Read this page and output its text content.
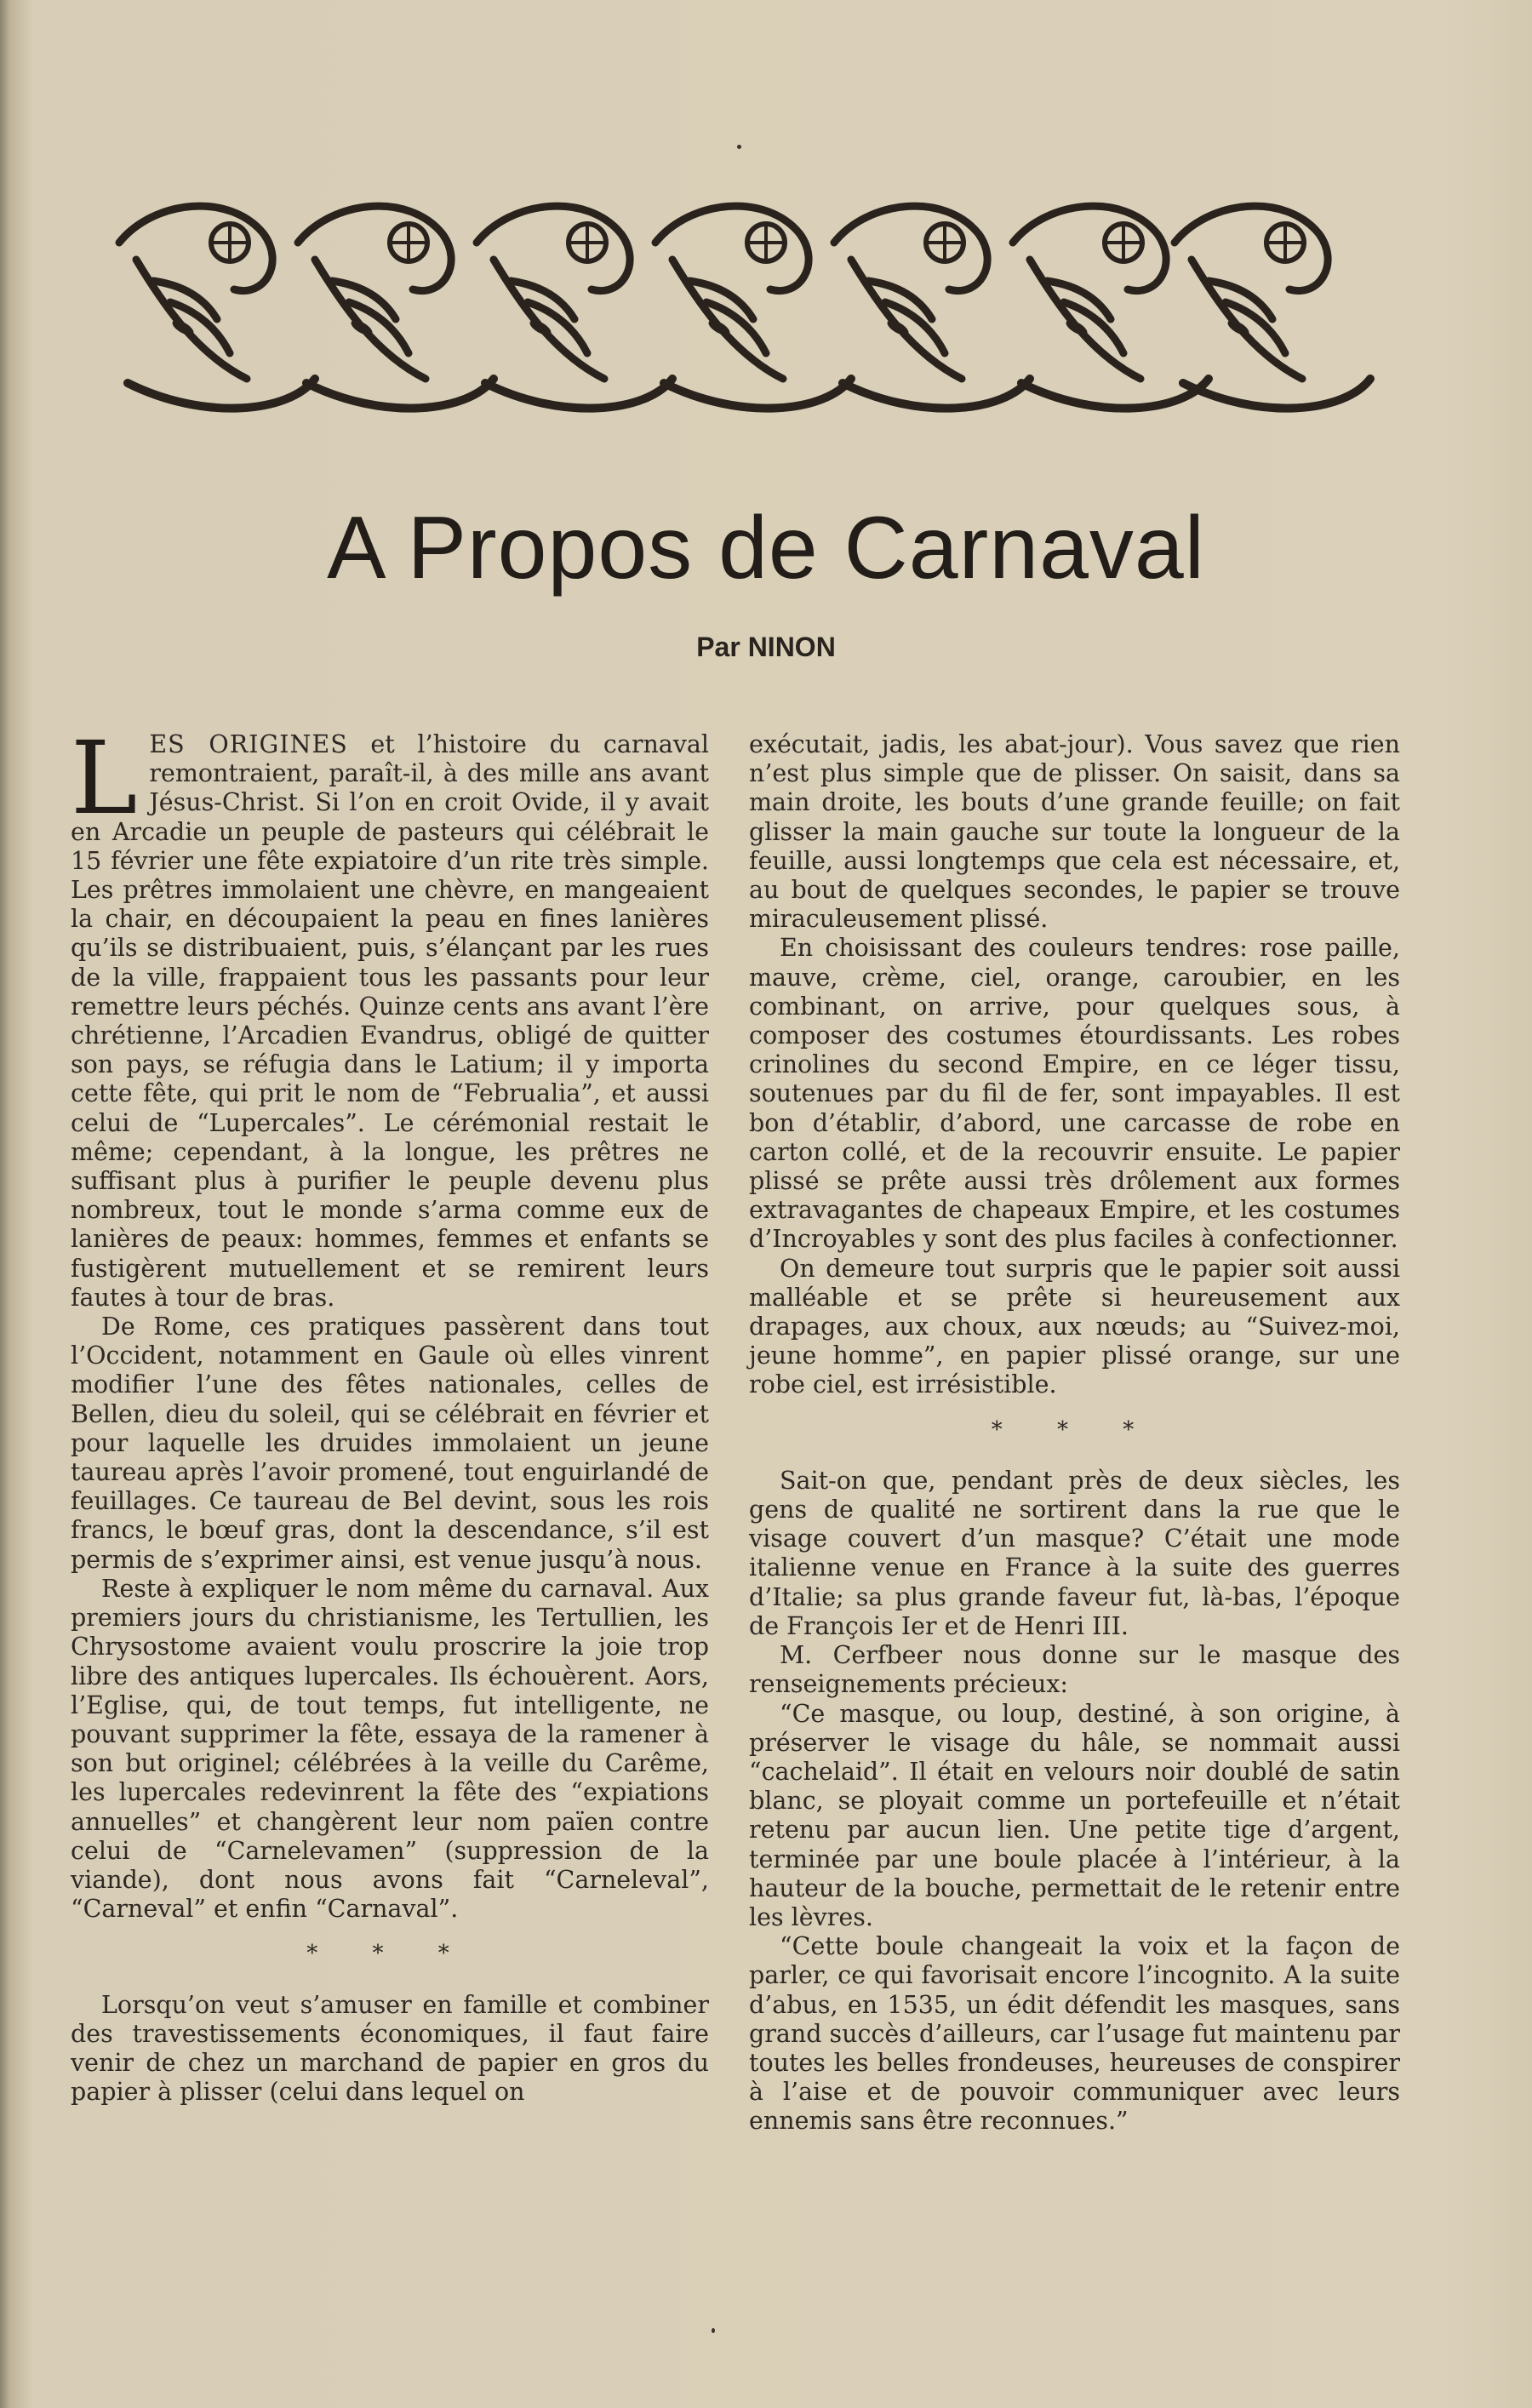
A Propos de Carnaval
Par NINON

LES ORIGINES et l’histoire du carnaval remontraient, paraît-il, à des mille ans avant Jésus-Christ. Si l’on en croit Ovide, il y avait en Arcadie un peuple de pasteurs qui célébrait le 15 février une fête expiatoire d’un rite très simple. Les prêtres immolaient une chèvre, en mangeaient la chair, en découpaient la peau en fines lanières qu’ils se distribuaient, puis, s’élançant par les rues de la ville, frappaient tous les passants pour leur remettre leurs péchés. Quinze cents ans avant l’ère chrétienne, l’Arcadien Evandrus, obligé de quitter son pays, se réfugia dans le Latium; il y importa cette fête, qui prit le nom de “Februalia”, et aussi celui de “Lupercales”. Le cérémonial restait le même; cependant, à la longue, les prêtres ne suffisant plus à purifier le peuple devenu plus nombreux, tout le monde s’arma comme eux de lanières de peaux: hommes, femmes et enfants se fustigèrent mutuellement et se remirent leurs fautes à tour de bras.

De Rome, ces pratiques passèrent dans tout l’Occident, notamment en Gaule où elles vinrent modifier l’une des fêtes nationales, celles de Bellen, dieu du soleil, qui se célébrait en février et pour laquelle les druides immolaient un jeune taureau après l’avoir promené, tout enguirlandé de feuillages. Ce taureau de Bel devint, sous les rois francs, le bœuf gras, dont la descendance, s’il est permis de s’exprimer ainsi, est venue jusqu’à nous.

Reste à expliquer le nom même du carnaval. Aux premiers jours du christianisme, les Tertullien, les Chrysostome avaient voulu proscrire la joie trop libre des antiques lupercales. Ils échouèrent. Aors, l’Eglise, qui, de tout temps, fut intelligente, ne pouvant supprimer la fête, essaya de la ramener à son but originel; célébrées à la veille du Carême, les lupercales redevinrent la fête des “expiations annuelles” et changèrent leur nom païen contre celui de “Carnelevamen” (suppression de la viande), dont nous avons fait “Carneleval”, “Carneval” et enfin “Carnaval”.

* * *

Lorsqu’on veut s’amuser en famille et combiner des travestissements économiques, il faut faire venir de chez un marchand de papier en gros du papier à plisser (celui dans lequel on

exécutait, jadis, les abat-jour). Vous savez que rien n’est plus simple que de plisser. On saisit, dans sa main droite, les bouts d’une grande feuille; on fait glisser la main gauche sur toute la longueur de la feuille, aussi longtemps que cela est nécessaire, et, au bout de quelques secondes, le papier se trouve miraculeusement plissé.

En choisissant des couleurs tendres: rose paille, mauve, crème, ciel, orange, caroubier, en les combinant, on arrive, pour quelques sous, à composer des costumes étourdissants. Les robes crinolines du second Empire, en ce léger tissu, soutenues par du fil de fer, sont impayables. Il est bon d’établir, d’abord, une carcasse de robe en carton collé, et de la recouvrir ensuite. Le papier plissé se prête aussi très drôlement aux formes extravagantes de chapeaux Empire, et les costumes d’Incroyables y sont des plus faciles à confectionner.

On demeure tout surpris que le papier soit aussi malléable et se prête si heureusement aux drapages, aux choux, aux nœuds; au “Suivez-moi, jeune homme”, en papier plissé orange, sur une robe ciel, est irrésistible.

* * *

Sait-on que, pendant près de deux siècles, les gens de qualité ne sortirent dans la rue que le visage couvert d’un masque? C’était une mode italienne venue en France à la suite des guerres d’Italie; sa plus grande faveur fut, là-bas, l’époque de François Ier et de Henri III.

M. Cerfbeer nous donne sur le masque des renseignements précieux:

“Ce masque, ou loup, destiné, à son origine, à préserver le visage du hâle, se nommait aussi “cachelaid”. Il était en velours noir doublé de satin blanc, se ployait comme un portefeuille et n’était retenu par aucun lien. Une petite tige d’argent, terminée par une boule placée à l’intérieur, à la hauteur de la bouche, permettait de le retenir entre les lèvres.

“Cette boule changeait la voix et la façon de parler, ce qui favorisait encore l’incognito. A la suite d’abus, en 1535, un édit défendit les masques, sans grand succès d’ailleurs, car l’usage fut maintenu par toutes les belles frondeuses, heureuses de conspirer à l’aise et de pouvoir communiquer avec leurs ennemis sans être reconnues.”
